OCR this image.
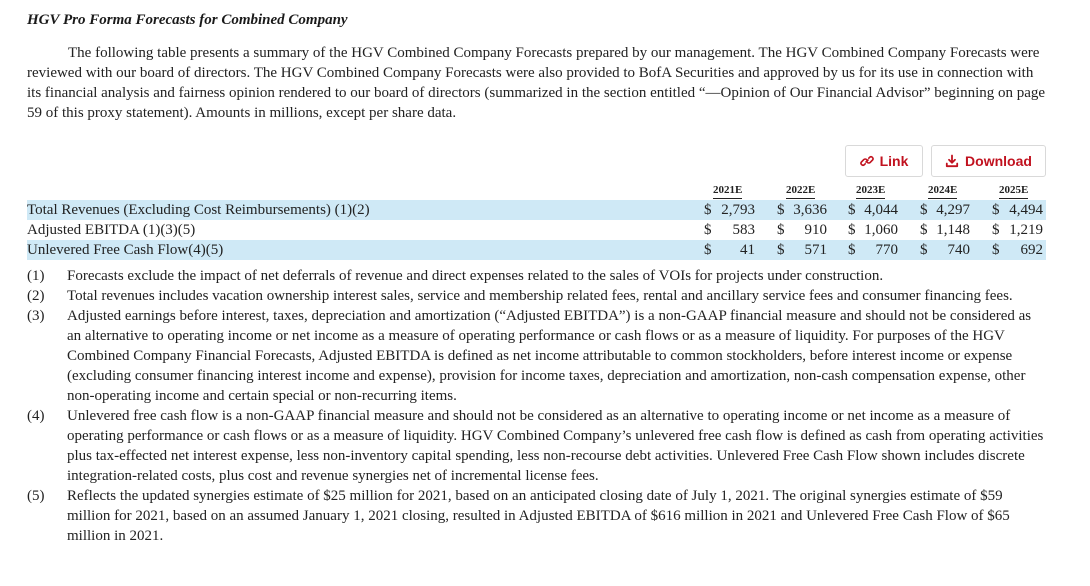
HGV Pro Forma Forecasts for Combined Company

The following table presents a summary of the HGV Combined Company Forecasts prepared by our management. The HGV Combined Company Forecasts were reviewed with our board of directors. The HGV Combined Company Forecasts were also provided to BofA Securities and approved by us for its use in connection with its financial analysis and fairness opinion rendered to our board of directors (summarized in the section entitled “—Opinion of Our Financial Advisor” beginning on page 59 of this proxy statement). Amounts in millions, except per share data.

Link	Download
2021E	2022E	2023E	2024E	2025E
Total Revenues (Excluding Cost Reimbursements) (1)(2)	$ 2,793 $ 3,636 $ 4,044 $ 4,297 $ 4,494
Adjusted EBITDA (1)(3)(5)	$	583 $	910 $ 1,060 $ 1,148 $ 1,219
Unlevered Free Cash Flow(4)(5)	$	41 $	571 $	770 $	740 $	692
(1) Forecasts exclude the impact of net deferrals of revenue and direct expenses related to the sales of VOIs for projects under construction.
(2) Total revenues includes vacation ownership interest sales, service and membership related fees, rental and ancillary service fees and consumer financing fees.
(3) Adjusted earnings before interest, taxes, depreciation and amortization (“Adjusted EBITDA”) is a non-GAAP financial measure and should not be considered as an alternative to operating income or net income as a measure of operating performance or cash flows or as a measure of liquidity. For purposes of the HGV Combined Company Financial Forecasts, Adjusted EBITDA is defined as net income attributable to common stockholders, before interest income or expense (excluding consumer financing interest income and expense), provision for income taxes, depreciation and amortization, non-cash compensation expense, other non-operating income and certain special or non-recurring items.
(4) Unlevered free cash flow is a non-GAAP financial measure and should not be considered as an alternative to operating income or net income as a measure of operating performance or cash flows or as a measure of liquidity. HGV Combined Company’s unlevered free cash flow is defined as cash from operating activities plus tax-effected net interest expense, less non-inventory capital spending, less non-recourse debt activities. Unlevered Free Cash Flow shown includes discrete integration-related costs, plus cost and revenue synergies net of incremental license fees.
(5) Reflects the updated synergies estimate of $25 million for 2021, based on an anticipated closing date of July 1, 2021. The original synergies estimate of $59 million for 2021, based on an assumed January 1, 2021 closing, resulted in Adjusted EBITDA of $616 million in 2021 and Unlevered Free Cash Flow of $65 million in 2021.
